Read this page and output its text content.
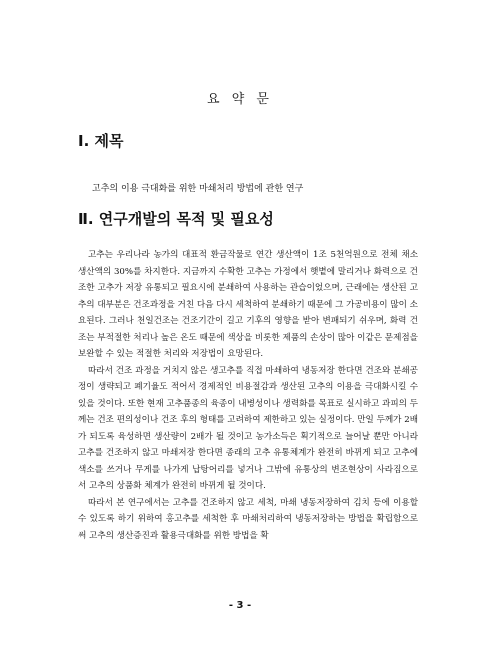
요 약 문
Ⅰ. 제목
고추의 이용 극대화를 위한 마쇄처리 방법에 관한 연구
Ⅱ. 연구개발의 목적 및 필요성

고추는 우리나라 농가의 대표적 환금작물로 연간 생산액이 1조 5천억원으로 전체 채소 생산액의 30%를 차지한다. 지금까지 수확한 고추는 가정에서 햇볕에 말리거나 화력으로 건조한 고추가 저장 유통되고 필요시에 분쇄하여 사용하는 관습이었으며, 근래에는 생산된 고추의 대부분은 건조과정을 거친 다음 다시 세척하여 분쇄하기 때문에 그 가공비용이 많이 소요된다. 그러나 천일건조는 건조기간이 길고 기후의 영향을 받아 변패되기 쉬우며, 화력 건조는 부적절한 처리나 높은 온도 때문에 색상을 비롯한 제품의 손상이 많아 이같은 문제점을 보완할 수 있는 적절한 처리와 저장법이 요망된다.

따라서 건조 과정을 거치지 않은 생고추를 직접 마쇄하여 냉동저장 한다면 건조와 분쇄공정이 생략되고 폐기율도 적어서 경제적인 비용절감과 생산된 고추의 이용을 극대화시킬 수 있을 것이다. 또한 현재 고추품종의 육종이 내병성이나 생력화를 목표로 실시하고 과피의 두께는 건조 편의성이나 건조 후의 형태를 고려하여 제한하고 있는 실정이다. 만일 두께가 2배가 되도록 육성하면 생산량이 2배가 될 것이고 농가소득은 획기적으로 늘어날 뿐만 아니라 고추를 건조하지 않고 마쇄저장 한다면 종래의 고추 유통체계가 완전히 바뀌게 되고 고추에 색소를 쓰거나 무게를 나가게 납탕어리를 넣거나 그밖에 유통상의 변조현상이 사라짐으로서 고추의 상품화 체계가 완전히 바뀌게 될 것이다.

따라서 본 연구에서는 고추를 건조하지 않고 세척, 마쇄 냉동저장하여 김치 등에 이용할 수 있도록 하기 위하여 홍고추를 세척한 후 마쇄처리하여 냉동저장하는 방법을 확립함으로써 고추의 생산증진과 활용극대화를 위한 방법을 확

- 3 -
